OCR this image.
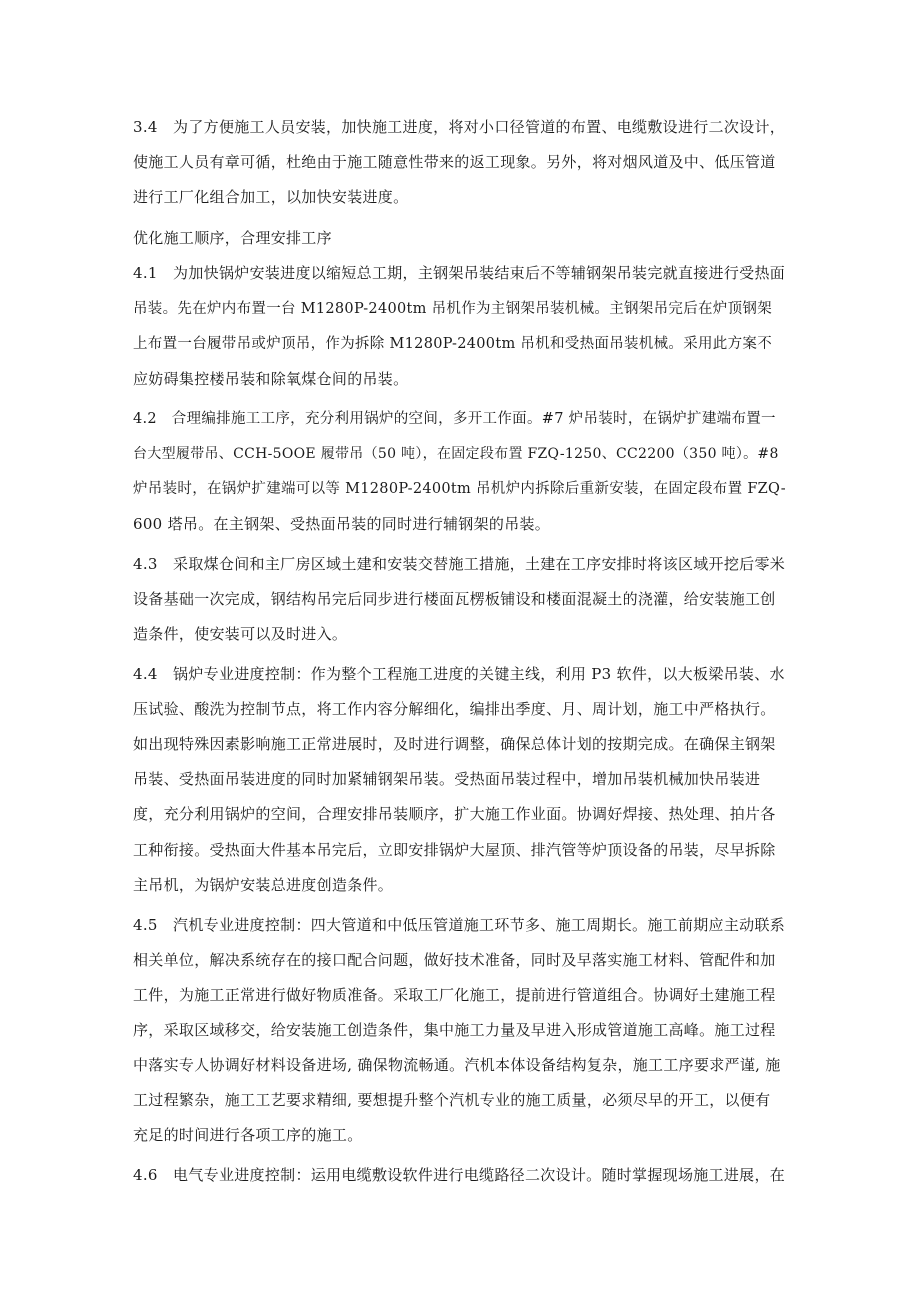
3.4　为了方便施工人员安装，加快施工进度，将对小口径管道的布置、电缆敷设进行二次设计，
使施工人员有章可循，杜绝由于施工随意性带来的返工现象。另外，将对烟风道及中、低压管道
进行工厂化组合加工，以加快安装进度。
优化施工顺序，合理安排工序
4.1　为加快锅炉安装进度以缩短总工期，主钢架吊装结束后不等辅钢架吊装完就直接进行受热面
吊装。先在炉内布置一台 M1280P-2400tm 吊机作为主钢架吊装机械。主钢架吊完后在炉顶钢架
上布置一台履带吊或炉顶吊，作为拆除 M1280P-2400tm 吊机和受热面吊装机械。采用此方案不
应妨碍集控楼吊装和除氧煤仓间的吊装。
4.2　合理编排施工工序，充分利用锅炉的空间，多开工作面。#7 炉吊装时，在锅炉扩建端布置一
台大型履带吊、CCH-5OOE 履带吊（50 吨），在固定段布置 FZQ-1250、CC2200（350 吨）。#8
炉吊装时，在锅炉扩建端可以等 M1280P-2400tm 吊机炉内拆除后重新安装，在固定段布置 FZQ-
600 塔吊。在主钢架、受热面吊装的同时进行辅钢架的吊装。
4.3　采取煤仓间和主厂房区域土建和安装交替施工措施，土建在工序安排时将该区域开挖后零米
设备基础一次完成，钢结构吊完后同步进行楼面瓦楞板铺设和楼面混凝土的浇灌，给安装施工创
造条件，使安装可以及时进入。
4.4　锅炉专业进度控制：作为整个工程施工进度的关键主线，利用 P3 软件，以大板梁吊装、水
压试验、酸洗为控制节点，将工作内容分解细化，编排出季度、月、周计划，施工中严格执行。
如出现特殊因素影响施工正常进展时，及时进行调整，确保总体计划的按期完成。在确保主钢架
吊装、受热面吊装进度的同时加紧辅钢架吊装。受热面吊装过程中，增加吊装机械加快吊装进
度，充分利用锅炉的空间，合理安排吊装顺序，扩大施工作业面。协调好焊接、热处理、拍片各
工种衔接。受热面大件基本吊完后，立即安排锅炉大屋顶、排汽管等炉顶设备的吊装，尽早拆除
主吊机，为锅炉安装总进度创造条件。
4.5　汽机专业进度控制：四大管道和中低压管道施工环节多、施工周期长。施工前期应主动联系
相关单位，解决系统存在的接口配合问题，做好技术准备，同时及早落实施工材料、管配件和加
工件，为施工正常进行做好物质准备。采取工厂化施工，提前进行管道组合。协调好土建施工程
序，采取区域移交，给安装施工创造条件，集中施工力量及早进入形成管道施工高峰。施工过程
中落实专人协调好材料设备进场, 确保物流畅通。汽机本体设备结构复杂，施工工序要求严谨, 施
工过程繁杂，施工工艺要求精细, 要想提升整个汽机专业的施工质量，必须尽早的开工，以便有
充足的时间进行各项工序的施工。
4.6　电气专业进度控制：运用电缆敷设软件进行电缆路径二次设计。随时掌握现场施工进展，在
